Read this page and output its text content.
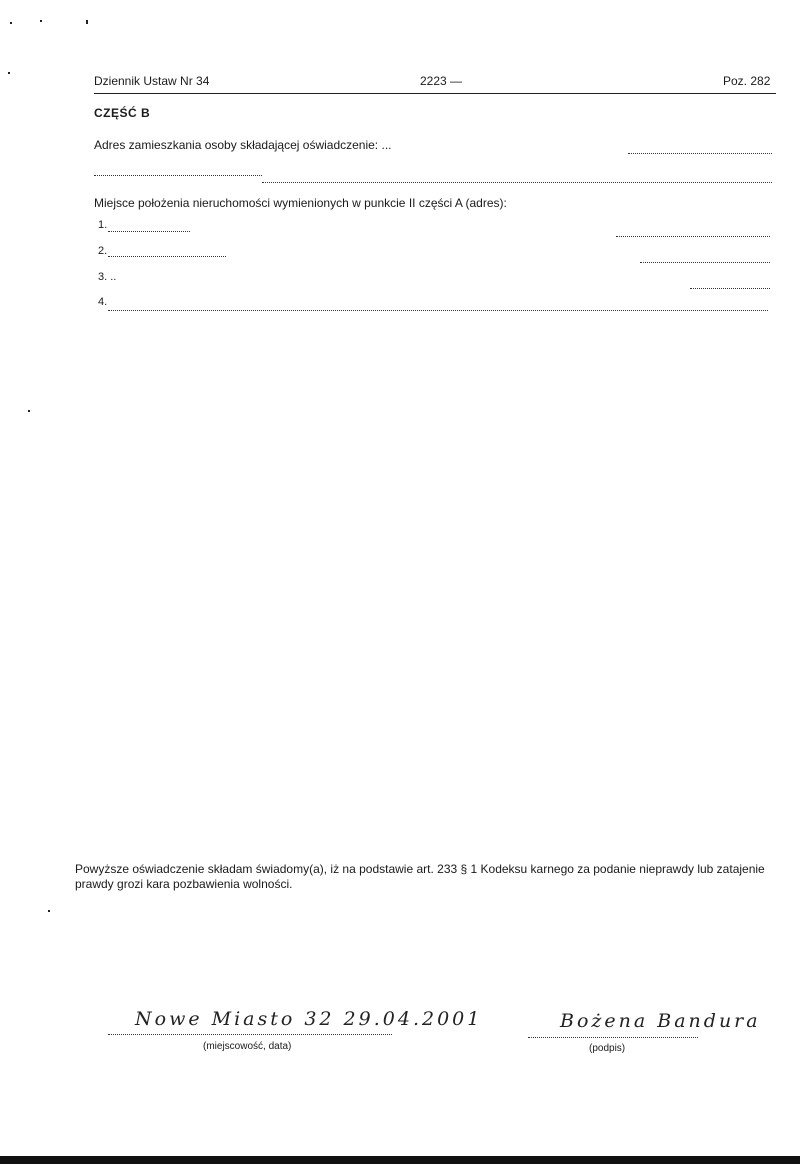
Dziennik Ustaw Nr 34	2223 —	Poz. 282
CZĘŚĆ B
Adres zamieszkania osoby składającej oświadczenie: ...
Miejsce położenia nieruchomości wymienionych w punkcie II części A (adres):
1.
2.
3. ..
4.
Powyższe oświadczenie składam świadomy(a), iż na podstawie art. 233 § 1 Kodeksu karnego za podanie nieprawdy lub zatajenie prawdy grozi kara pozbawienia wolności.
Nowe Miasto 32 29.04.2001
(miejscowość, data)
Bożena Bandura
(podpis)
